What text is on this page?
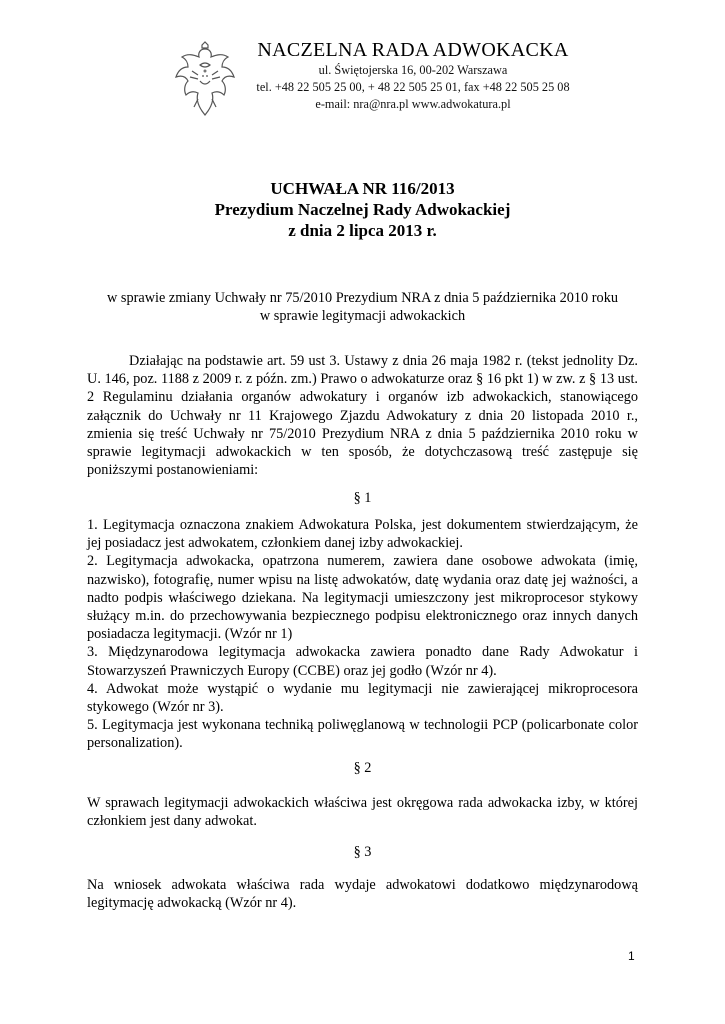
NACZELNA RADA ADWOKACKA
ul. Świętojerska 16, 00-202 Warszawa
tel. +48 22 505 25 00, + 48 22 505 25 01, fax +48 22 505 25 08
e-mail: nra@nra.pl www.adwokatura.pl
UCHWAŁA NR 116/2013
Prezydium Naczelnej Rady Adwokackiej
z dnia 2 lipca 2013 r.
w sprawie zmiany Uchwały nr 75/2010 Prezydium NRA z dnia 5 października 2010 roku
w sprawie legitymacji adwokackich

Działając na podstawie art. 59 ust 3. Ustawy z dnia 26 maja 1982 r. (tekst jednolity Dz. U. 146, poz. 1188 z 2009 r. z późn. zm.) Prawo o adwokaturze oraz § 16 pkt 1) w zw. z § 13 ust. 2 Regulaminu działania organów adwokatury i organów izb adwokackich, stanowiącego załącznik do Uchwały nr 11 Krajowego Zjazdu Adwokatury z dnia 20 listopada 2010 r., zmienia się treść Uchwały nr 75/2010 Prezydium NRA z dnia 5 października 2010 roku w sprawie legitymacji adwokackich w ten sposób, że dotychczasową treść zastępuje się poniższymi postanowieniami:

§ 1

1. Legitymacja oznaczona znakiem Adwokatura Polska, jest dokumentem stwierdzającym, że jej posiadacz jest adwokatem, członkiem danej izby adwokackiej.

2. Legitymacja adwokacka, opatrzona numerem, zawiera dane osobowe adwokata (imię, nazwisko), fotografię, numer wpisu na listę adwokatów, datę wydania oraz datę jej ważności, a nadto podpis właściwego dziekana. Na legitymacji umieszczony jest mikroprocesor stykowy służący m.in. do przechowywania bezpiecznego podpisu elektronicznego oraz innych danych posiadacza legitymacji. (Wzór nr 1)

3. Międzynarodowa legitymacja adwokacka zawiera ponadto dane Rady Adwokatur i Stowarzyszeń Prawniczych Europy (CCBE) oraz jej godło (Wzór nr 4).

4. Adwokat może wystąpić o wydanie mu legitymacji nie zawierającej mikroprocesora stykowego (Wzór nr 3).

5. Legitymacja jest wykonana techniką poliwęglanową w technologii PCP (policarbonate color personalization).

§ 2

W sprawach legitymacji adwokackich właściwa jest okręgowa rada adwokacka izby, w której członkiem jest dany adwokat.

§ 3

Na wniosek adwokata właściwa rada wydaje adwokatowi dodatkowo międzynarodową legitymację adwokacką (Wzór nr 4).

1
